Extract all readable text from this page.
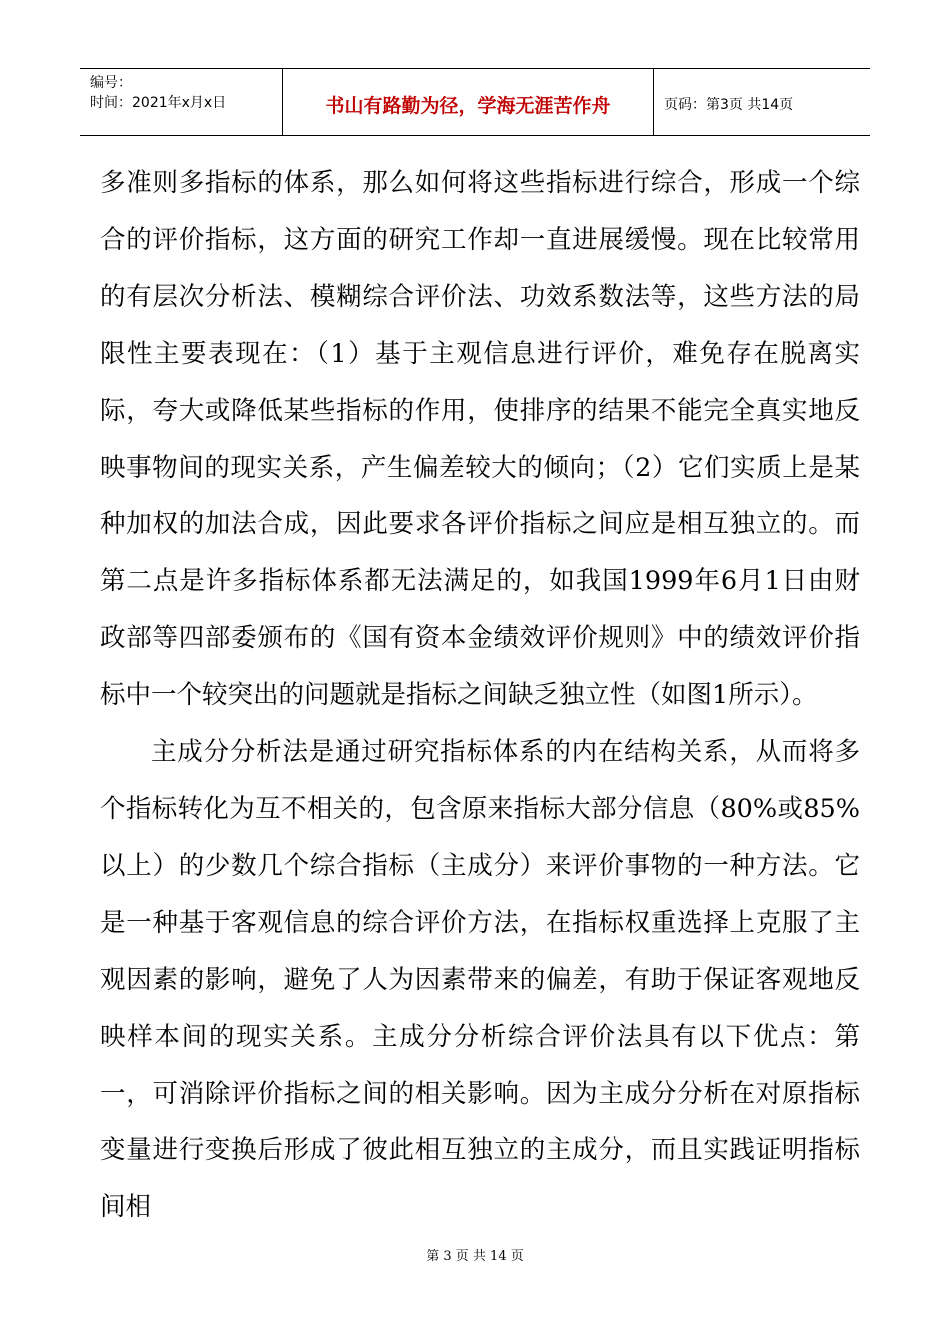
编号：
时间：2021年x月x日	书山有路勤为径，学海无涯苦作舟	页码：第3页 共14页

多准则多指标的体系，那么如何将这些指标进行综合，形成一个综合的评价指标，这方面的研究工作却一直进展缓慢。现在比较常用的有层次分析法、模糊综合评价法、功效系数法等，这些方法的局限性主要表现在：（1）基于主观信息进行评价，难免存在脱离实际，夸大或降低某些指标的作用，使排序的结果不能完全真实地反映事物间的现实关系，产生偏差较大的倾向；（2）它们实质上是某种加权的加法合成，因此要求各评价指标之间应是相互独立的。而第二点是许多指标体系都无法满足的，如我国1999年6月1日由财政部等四部委颁布的《国有资本金绩效评价规则》中的绩效评价指标中一个较突出的问题就是指标之间缺乏独立性（如图1所示）。

主成分分析法是通过研究指标体系的内在结构关系，从而将多个指标转化为互不相关的，包含原来指标大部分信息（80%或85%以上）的少数几个综合指标（主成分）来评价事物的一种方法。它是一种基于客观信息的综合评价方法，在指标权重选择上克服了主观因素的影响，避免了人为因素带来的偏差，有助于保证客观地反映样本间的现实关系。主成分分析综合评价法具有以下优点：第一，可消除评价指标之间的相关影响。因为主成分分析在对原指标变量进行变换后形成了彼此相互独立的主成分，而且实践证明指标间相

第 3 页 共 14 页
